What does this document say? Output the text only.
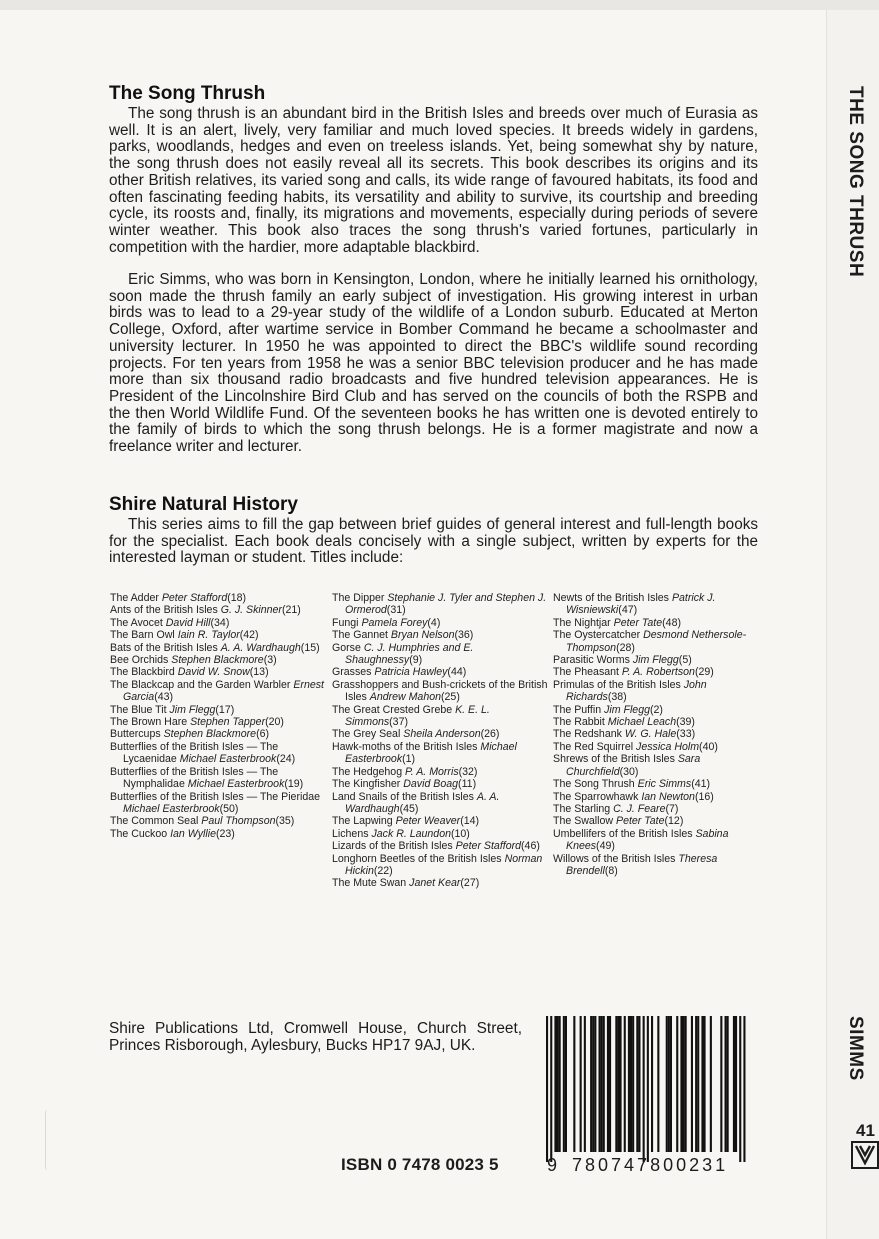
THE SONG THRUSH
SIMMS
41
The Song Thrush

The song thrush is an abundant bird in the British Isles and breeds over much of Eurasia as well. It is an alert, lively, very familiar and much loved species. It breeds widely in gardens, parks, woodlands, hedges and even on treeless islands. Yet, being somewhat shy by nature, the song thrush does not easily reveal all its secrets. This book describes its origins and its other British relatives, its varied song and calls, its wide range of favoured habitats, its food and often fascinating feeding habits, its versatility and ability to survive, its courtship and breeding cycle, its roosts and, finally, its migrations and movements, especially during periods of severe winter weather. This book also traces the song thrush's varied fortunes, particularly in competition with the hardier, more adaptable blackbird.

Eric Simms, who was born in Kensington, London, where he initially learned his ornithology, soon made the thrush family an early subject of investigation. His growing interest in urban birds was to lead to a 29-year study of the wildlife of a London suburb. Educated at Merton College, Oxford, after wartime service in Bomber Command he became a schoolmaster and university lecturer. In 1950 he was appointed to direct the BBC's wildlife sound recording projects. For ten years from 1958 he was a senior BBC television producer and he has made more than six thousand radio broadcasts and five hundred television appearances. He is President of the Lincolnshire Bird Club and has served on the councils of both the RSPB and the then World Wildlife Fund. Of the seventeen books he has written one is devoted entirely to the family of birds to which the song thrush belongs. He is a former magistrate and now a freelance writer and lecturer.

Shire Natural History

This series aims to fill the gap between brief guides of general interest and full-length books for the specialist. Each book deals concisely with a single subject, written by experts for the interested layman or student. Titles include:

The Adder Peter Stafford(18)
Ants of the British Isles G. J. Skinner(21)
The Avocet David Hill(34)
The Barn Owl Iain R. Taylor(42)
Bats of the British Isles A. A. Wardhaugh(15)
Bee Orchids Stephen Blackmore(3)
The Blackbird David W. Snow(13)
The Blackcap and the Garden Warbler Ernest Garcia(43)
The Blue Tit Jim Flegg(17)
The Brown Hare Stephen Tapper(20)
Buttercups Stephen Blackmore(6)
Butterflies of the British Isles — The Lycaenidae Michael Easterbrook(24)
Butterflies of the British Isles — The Nymphalidae Michael Easterbrook(19)
Butterflies of the British Isles — The Pieridae Michael Easterbrook(50)
The Common Seal Paul Thompson(35)
The Cuckoo Ian Wyllie(23)
The Dipper Stephanie J. Tyler and Stephen J. Ormerod(31)
Fungi Pamela Forey(4)
The Gannet Bryan Nelson(36)
Gorse C. J. Humphries and E. Shaughnessy(9)
Grasses Patricia Hawley(44)
Grasshoppers and Bush-crickets of the British Isles Andrew Mahon(25)
The Great Crested Grebe K. E. L. Simmons(37)
The Grey Seal Sheila Anderson(26)
Hawk-moths of the British Isles Michael Easterbrook(1)
The Hedgehog P. A. Morris(32)
The Kingfisher David Boag(11)
Land Snails of the British Isles A. A. Wardhaugh(45)
The Lapwing Peter Weaver(14)
Lichens Jack R. Laundon(10)
Lizards of the British Isles Peter Stafford(46)
Longhorn Beetles of the British Isles Norman Hickin(22)
The Mute Swan Janet Kear(27)
Newts of the British Isles Patrick J. Wisniewski(47)
The Nightjar Peter Tate(48)
The Oystercatcher Desmond Nethersole-Thompson(28)
Parasitic Worms Jim Flegg(5)
The Pheasant P. A. Robertson(29)
Primulas of the British Isles John Richards(38)
The Puffin Jim Flegg(2)
The Rabbit Michael Leach(39)
The Redshank W. G. Hale(33)
The Red Squirrel Jessica Holm(40)
Shrews of the British Isles Sara Churchfield(30)
The Song Thrush Eric Simms(41)
The Sparrowhawk Ian Newton(16)
The Starling C. J. Feare(7)
The Swallow Peter Tate(12)
Umbellifers of the British Isles Sabina Knees(49)
Willows of the British Isles Theresa Brendell(8)

Shire Publications Ltd, Cromwell House, Church Street, Princes Risborough, Aylesbury, Bucks HP17 9AJ, UK.

9 780747800231
ISBN 0 7478 0023 5
